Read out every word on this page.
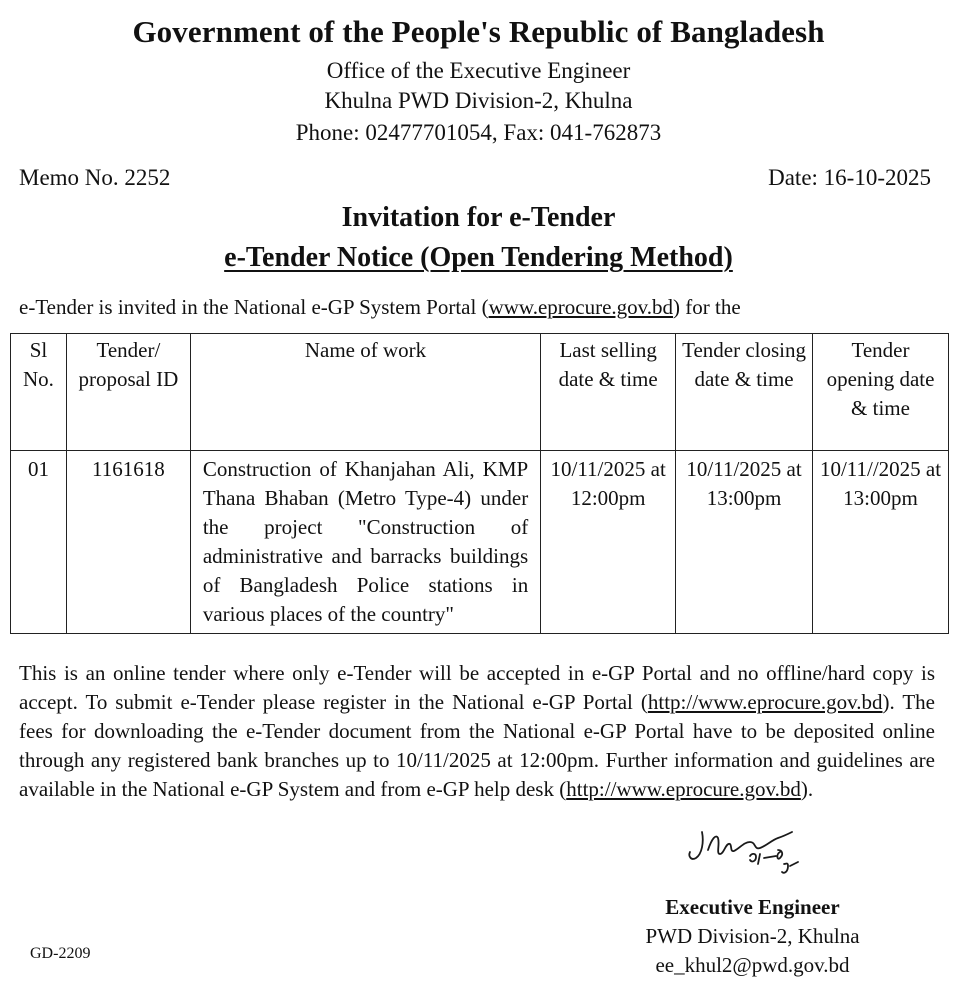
Government of the People's Republic of Bangladesh
Office of the Executive Engineer
Khulna PWD Division-2, Khulna
Phone: 02477701054, Fax: 041-762873
Memo No. 2252	Date: 16-10-2025
Invitation for e-Tender
e-Tender Notice (Open Tendering Method)
e-Tender is invited in the National e-GP System Portal (www.eprocure.gov.bd) for the
Sl No.	Tender/ proposal ID	Name of work	Last selling date & time	Tender closing date & time	Tender opening date & time
01	1161618	Construction of Khanjahan Ali, KMP Thana Bhaban (Metro Type-4) under the project "Construction of administrative and barracks buildings of Bangladesh Police stations in various places of the country"	10/11/2025 at 12:00pm	10/11/2025 at 13:00pm	10/11//2025 at 13:00pm
This is an online tender where only e-Tender will be accepted in e-GP Portal and no offline/hard copy is accept. To submit e-Tender please register in the National e-GP Portal (http://www.eprocure.gov.bd). The fees for downloading the e-Tender document from the National e-GP Portal have to be deposited online through any registered bank branches up to 10/11/2025 at 12:00pm. Further information and guidelines are available in the National e-GP System and from e-GP help desk (http://www.eprocure.gov.bd).
Executive Engineer
PWD Division-2, Khulna
ee_khul2@pwd.gov.bd
GD-2209
